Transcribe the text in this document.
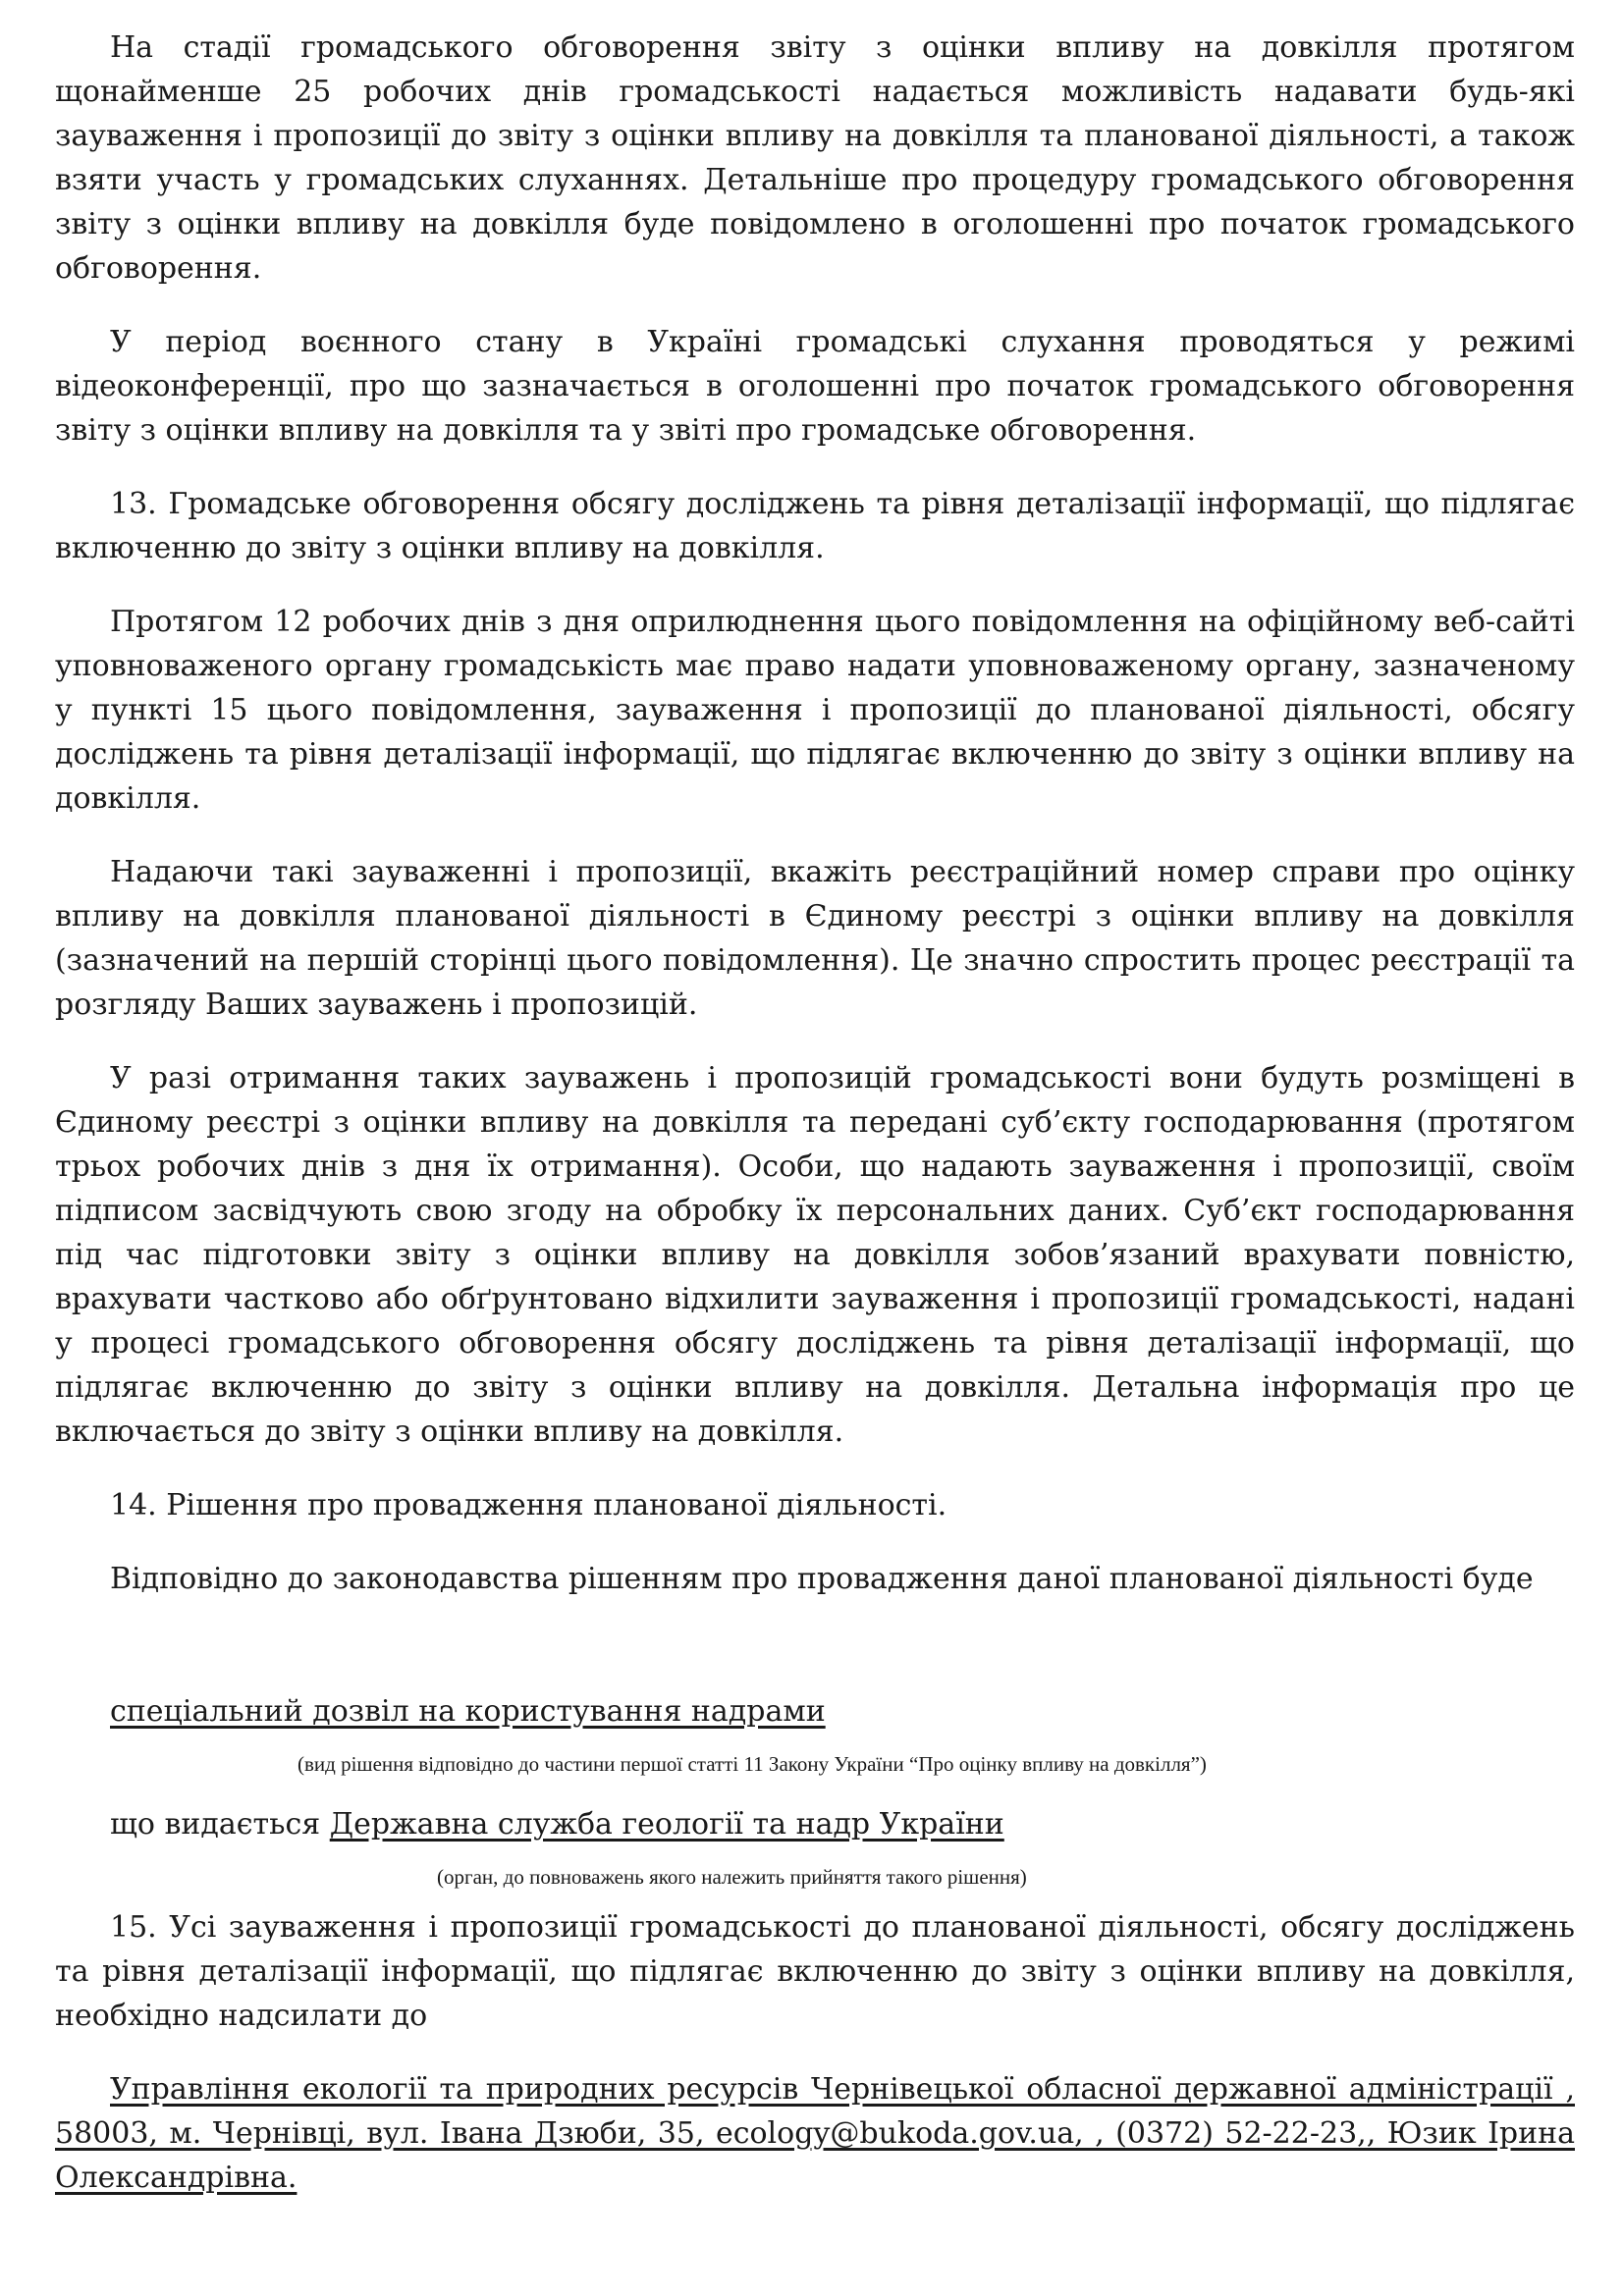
На стадії громадського обговорення звіту з оцінки впливу на довкілля протягом щонайменше 25 робочих днів громадськості надається можливість надавати будь-які зауваження і пропозиції до звіту з оцінки впливу на довкілля та планованої діяльності, а також взяти участь у громадських слуханнях. Детальніше про процедуру громадського обговорення звіту з оцінки впливу на довкілля буде повідомлено в оголошенні про початок громадського обговорення.

У період воєнного стану в Україні громадські слухання проводяться у режимі відеоконференції, про що зазначається в оголошенні про початок громадського обговорення звіту з оцінки впливу на довкілля та у звіті про громадське обговорення.

13. Громадське обговорення обсягу досліджень та рівня деталізації інформації, що підлягає включенню до звіту з оцінки впливу на довкілля.

Протягом 12 робочих днів з дня оприлюднення цього повідомлення на офіційному веб-сайті уповноваженого органу громадськість має право надати уповноваженому органу, зазначеному у пункті 15 цього повідомлення, зауваження і пропозиції до планованої діяльності, обсягу досліджень та рівня деталізації інформації, що підлягає включенню до звіту з оцінки впливу на довкілля.

Надаючи такі зауваженні і пропозиції, вкажіть реєстраційний номер справи про оцінку впливу на довкілля планованої діяльності в Єдиному реєстрі з оцінки впливу на довкілля (зазначений на першій сторінці цього повідомлення). Це значно спростить процес реєстрації та розгляду Ваших зауважень і пропозицій.

У разі отримання таких зауважень і пропозицій громадськості вони будуть розміщені в Єдиному реєстрі з оцінки впливу на довкілля та передані суб’єкту господарювання (протягом трьох робочих днів з дня їх отримання). Особи, що надають зауваження і пропозиції, своїм підписом засвідчують свою згоду на обробку їх персональних даних. Суб’єкт господарювання під час підготовки звіту з оцінки впливу на довкілля зобов’язаний врахувати повністю, врахувати частково або обґрунтовано відхилити зауваження і пропозиції громадськості, надані у процесі громадського обговорення обсягу досліджень та рівня деталізації інформації, що підлягає включенню до звіту з оцінки впливу на довкілля. Детальна інформація про це включається до звіту з оцінки впливу на довкілля.

14. Рішення про провадження планованої діяльності.

Відповідно до законодавства рішенням про провадження даної планованої діяльності буде

спеціальний дозвіл на користування надрами

(вид рішення відповідно до частини першої статті 11 Закону України “Про оцінку впливу на довкілля”)

що видається Державна служба геології та надр України

(орган, до повноважень якого належить прийняття такого рішення)

15. Усі зауваження і пропозиції громадськості до планованої діяльності, обсягу досліджень та рівня деталізації інформації, що підлягає включенню до звіту з оцінки впливу на довкілля, необхідно надсилати до

Управління екології та природних ресурсів Чернівецької обласної державної адміністрації , 58003, м. Чернівці, вул. Івана Дзюби, 35, ecology@bukoda.gov.ua, , (0372) 52-22-23,, Юзик Ірина Олександрівна.
